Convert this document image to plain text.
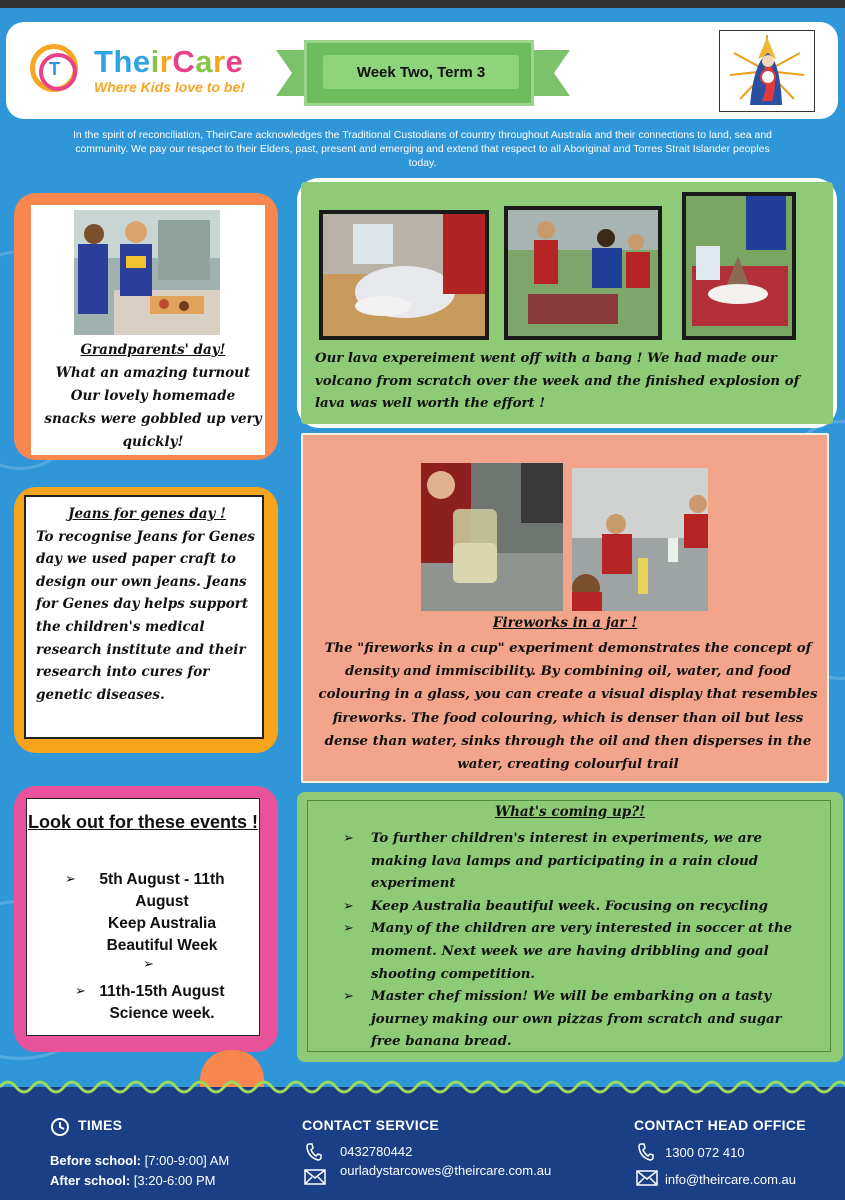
T TheirCare
Where Kids love to be!
Week Two, Term 3
In the spirit of reconciliation, TheirCare acknowledges the Traditional Custodians of country throughout Australia and their connections to land, sea and community. We pay our respect to their Elders, past, present and emerging and extend that respect to all Aboriginal and Torres Strait Islander peoples today.
Grandparents' day!
What an amazing turnout Our lovely homemade snacks were gobbled up very quickly!
Jeans for genes day !
To recognise Jeans for Genes day we used paper craft to design our own jeans. Jeans for Genes day helps support the children's medical research institute and their research into cures for genetic diseases.
Look out for these events !
➢ 5th August - 11th August
Keep Australia Beautiful Week
➢
➢ 11th-15th August
Science week.
Our lava expereiment went off with a bang ! We had made our volcano from scratch over the week and the finished explosion of lava was well worth the effort !
Fireworks in a jar !
The "fireworks in a cup" experiment demonstrates the concept of density and immiscibility. By combining oil, water, and food colouring in a glass, you can create a visual display that resembles fireworks. The food colouring, which is denser than oil but less dense than water, sinks through the oil and then disperses in the water, creating colourful trail
What's coming up?!
➢ To further children's interest in experiments, we are making lava lamps and participating in a rain cloud experiment
➢ Keep Australia beautiful week. Focusing on recycling
➢ Many of the children are very interested in soccer at the moment. Next week we are having dribbling and goal shooting competition.
➢ Master chef mission! We will be embarking on a tasty journey making our own pizzas from scratch and sugar free banana bread.
TIMES
Before school: [7:00-9:00] AM
After school: [3:20-6:00 PM
CONTACT SERVICE
0432780442
ourladystarcowes@theircare.com.au
CONTACT HEAD OFFICE
1300 072 410
info@theircare.com.au
